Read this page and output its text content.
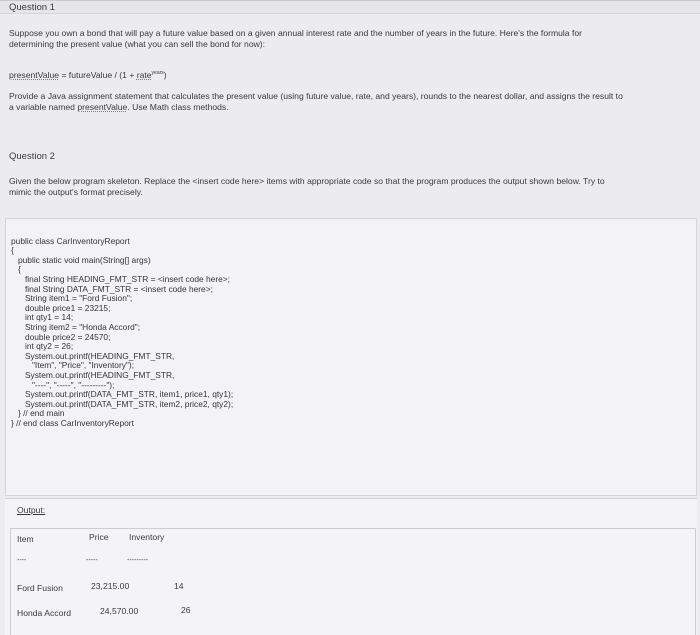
Question 1
Suppose you own a bond that will pay a future value based on a given annual interest rate and the number of years in the future. Here's the formula for
determining the present value (what you can sell the bond for now):
presentValue = futureValue / (1 + rate$^{years}$)
Provide a Java assignment statement that calculates the present value (using future value, rate, and years), rounds to the nearest dollar, and assigns the result to
a variable named presentValue. Use Math class methods.
Question 2
Given the below program skeleton. Replace the <insert code here> items with appropriate code so that the program produces the output shown below. Try to
mimic the output's format precisely.

public class CarInventoryReport
{
public static void main(String[] args)
{
final String HEADING_FMT_STR = <insert code here>;
final String DATA_FMT_STR = <insert code here>;
String item1 = "Ford Fusion";
double price1 = 23215;
int qty1 = 14;
String item2 = "Honda Accord";
double price2 = 24570;
int qty2 = 26;
System.out.printf(HEADING_FMT_STR,
"Item", "Price", "Inventory");
System.out.printf(HEADING_FMT_STR,
"----", "-----", "---------");
System.out.printf(DATA_FMT_STR, item1, price1, qty1);
System.out.printf(DATA_FMT_STR, item2, price2, qty2);
} // end main
} // end class CarInventoryReport

Output:
Item	Price Inventory
----	-----	---------
Ford Fusion	23,215.00	14
Honda Accord	24,570.00	26
